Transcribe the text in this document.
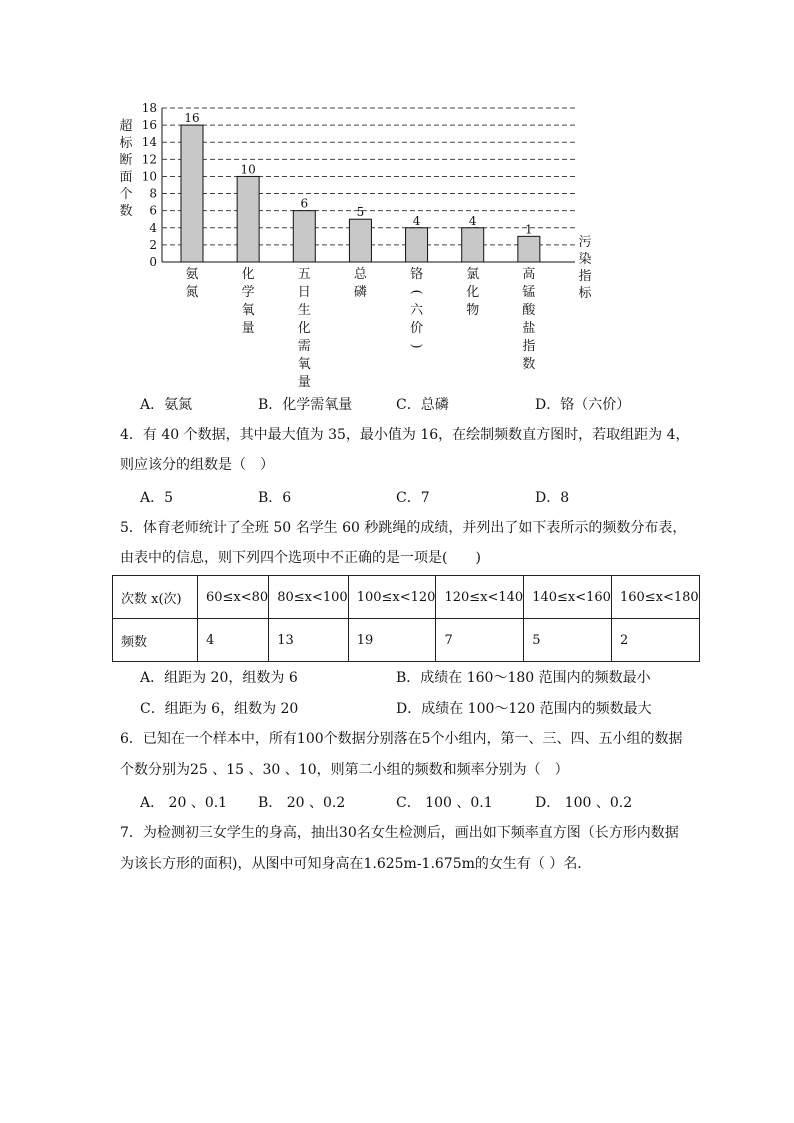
超
标
断
面
个
数
0
2
4
6
8
10
12
14
16
18
16
10
6
5
4	4
1
氨
氮
化
学
氧
量
五
日
生
化
需
氧
量
总
磷
铬
(
六
价
)
氯
化
物
高
锰
酸
盐
指
数
污
染
指
标
A．氨氮	B．化学需氧量	C．总磷	D．铬（六价）
4．有 40 个数据，其中最大值为 35，最小值为 16，在绘制频数直方图时，若取组距为 4，
则应该分的组数是（　）
A．5	B．6	C．7	D．8
5．体育老师统计了全班 50 名学生 60 秒跳绳的成绩，并列出了如下表所示的频数分布表，
由表中的信息，则下列四个选项中不正确的是一项是(　　)
次数 x(次)	60≤x<80	80≤x<100	100≤x<120	120≤x<140	140≤x<160	160≤x<180
频数	4	13	19	7	5	2
A．组距为 20，组数为 6	B．成绩在 160～180 范围内的频数最小
C．组距为 6，组数为 20	D．成绩在 100～120 范围内的频数最大
6．已知在一个样本中，所有100个数据分别落在5个小组内，第一、三、四、五小组的数据
个数分别为25 、15 、30 、10，则第二小组的频数和频率分别为（　）
A． 20 、0.1 B． 20 、0.2	C． 100 、0.1	D． 100 、0.2
7．为检测初三女学生的身高，抽出30名女生检测后，画出如下频率直方图（长方形内数据
为该长方形的面积)，从图中可知身高在1.625m-1.675m的女生有（ ）名．
